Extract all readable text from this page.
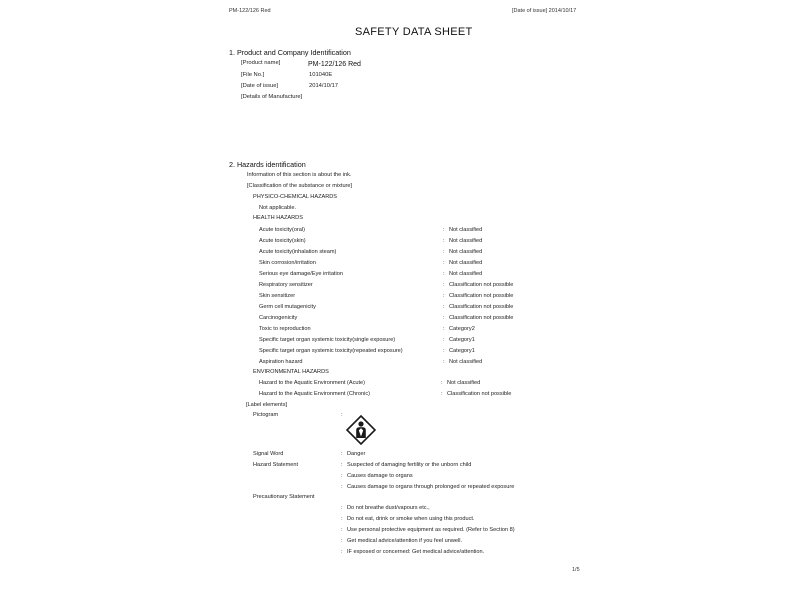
PM-122/126 Red	[Date of issue] 2014/10/17
SAFETY DATA SHEET
1. Product and Company Identification
[Product name]	PM-122/126 Red
[File No.]	101040E
[Date of issue]	2014/10/17
[Details of Manufacture]
2. Hazards identification
Information of this section is about the ink.
[Classification of the substance or mixture]
PHYSICO-CHEMICAL HAZARDS
Not applicable.
HEALTH HAZARDS
Acute toxicity(oral)	: Not classified
Acute toxicity(skin)	: Not classified
Acute toxicity(inhalation steam)	: Not classified
Skin corrosion/irritation	: Not classified
Serious eye damage/Eye irritation	: Not classified
Respiratory sensitizer	: Classification not possible
Skin sensitizer	: Classification not possible
Germ cell mutagenicity	: Classification not possible
Carcinogenicity	: Classification not possible
Toxic to reproduction	: Category2
Specific target organ systemic toxicity(single exposure)	: Category1
Specific target organ systemic toxicity(repeated exposure)	: Category1
Aspiration hazard	: Not classified
ENVIRONMENTAL HAZARDS
Hazard to the Aquatic Environment (Acute)	: Not classified
Hazard to the Aquatic Environment (Chronic)	: Classification not possible
[Label elements]
Pictogram	:
Signal Word	: Danger
Hazard Statement	: Suspected of damaging fertility or the unborn child
: Causes damage to organs
: Causes damage to organs through prolonged or repeated exposure
Precautionary Statement
: Do not breathe dust/vapours etc.,
: Do not eat, drink or smoke when using this product.
: Use personal protective equipment as required. (Refer to Section 8)
: Get medical advice/attention if you feel unwell.
: IF exposed or concerned: Get medical advice/attention.
1/5
